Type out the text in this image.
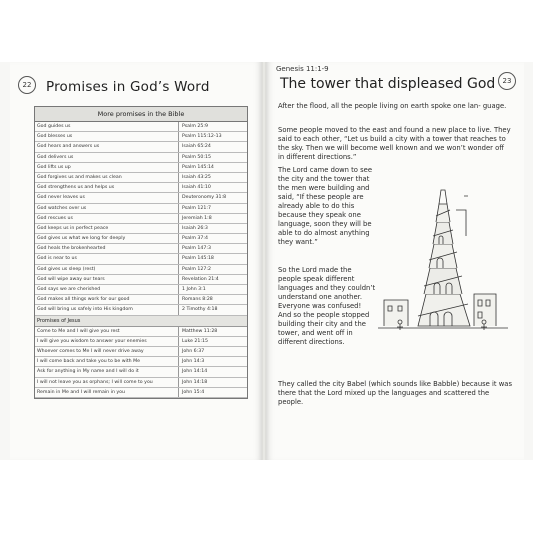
22	Promises in God’s Word
More promises in the Bible
God guides us	Psalm 25:9
God blesses us	Psalm 115:12-13
God hears and answers us	Isaiah 65:24
God delivers us	Psalm 50:15
God lifts us up	Psalm 145:14
God forgives us and makes us clean	Isaiah 43:25
God strengthens us and helps us	Isaiah 41:10
God never leaves us	Deuteronomy 31:8
God watches over us	Psalm 121:7
God rescues us	Jeremiah 1:8
God keeps us in perfect peace	Isaiah 26:3
God gives us what we long for deeply	Psalm 37:4
God heals the brokenhearted	Psalm 147:3
God is near to us	Psalm 145:18
God gives us sleep (rest)	Psalm 127:2
God will wipe away our tears	Revelation 21:4
God says we are cherished	1 John 3:1
God makes all things work for our good	Romans 8:28
God will bring us safely into His kingdom	2 Timothy 4:18
Promises of Jesus
Come to Me and I will give you rest	Matthew 11:28
I will give you wisdom to answer your enemies	Luke 21:15
Whoever comes to Me I will never drive away	John 6:37
I will come back and take you to be with Me	John 14:3
Ask for anything in My name and I will do it	John 14:14
I will not leave you as orphans; I will come to you	John 14:18
Remain in Me and I will remain in you	John 15:4
Genesis 11:1-9
23
The tower that displeased God
After the flood, all the people living on earth spoke one lan- guage.
Some people moved to the east and found a new place to live. They said to each other, “Let us build a city with a tower that reaches to the sky. Then we will become well known and we won’t wonder off in different directions.”
The Lord came down to see the city and the tower that the men were building and said, “If these people are already able to do this because they speak one language, soon they will be able to do almost anything they want.”
So the Lord made the people speak different languages and they couldn’t understand one another. Everyone was confused! And so the people stopped building their city and the tower, and went off in different directions.
They called the city Babel (which sounds like Babble) because it was there that the Lord mixed up the languages and scattered the people.
